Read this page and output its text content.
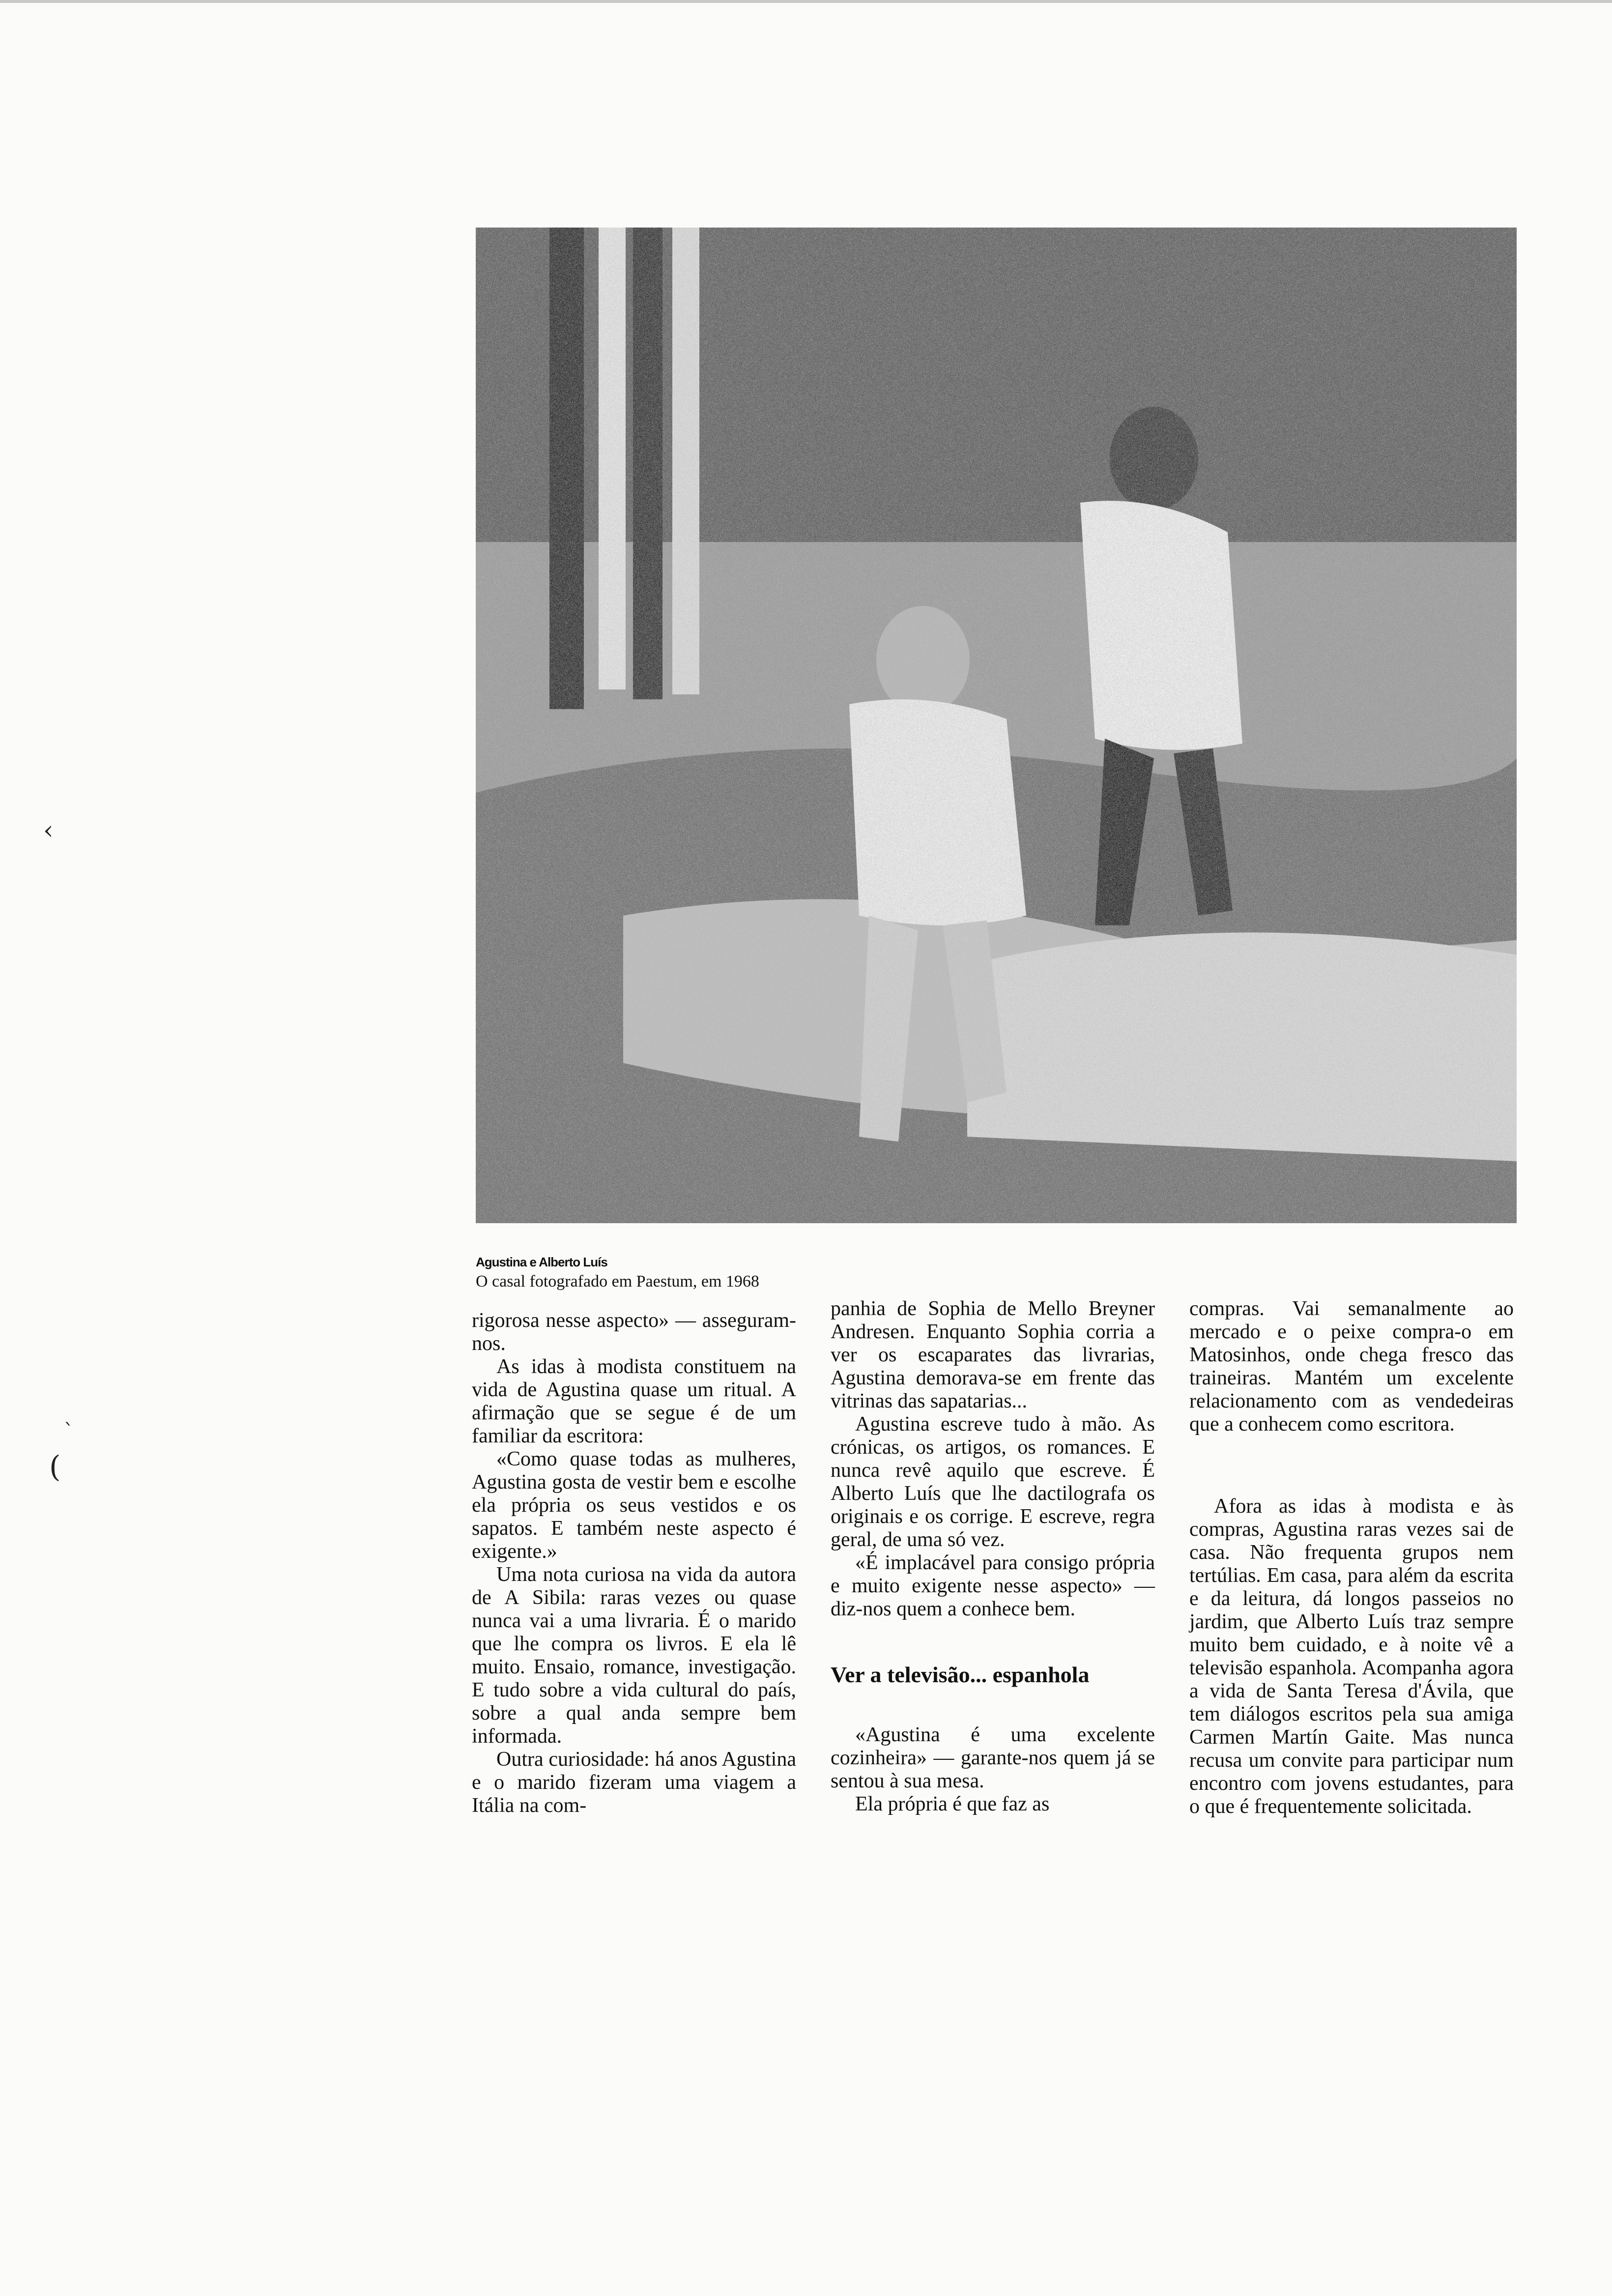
Agustina e Alberto Luís
O casal fotografado em Paestum, em 1968

rigorosa nesse aspecto» — asseguram-nos.

As idas à modista constituem na vida de Agustina quase um ritual. A afirmação que se segue é de um familiar da escritora:

«Como quase todas as mulheres, Agustina gosta de vestir bem e escolhe ela própria os seus vestidos e os sapatos. E também neste aspecto é exigente.»

Uma nota curiosa na vida da autora de A Sibila: raras vezes ou quase nunca vai a uma livraria. É o marido que lhe compra os livros. E ela lê muito. Ensaio, romance, investigação. E tudo sobre a vida cultural do país, sobre a qual anda sempre bem informada.

Outra curiosidade: há anos Agustina e o marido fizeram uma viagem a Itália na com-

panhia de Sophia de Mello Breyner Andresen. Enquanto Sophia corria a ver os escaparates das livrarias, Agustina demorava-se em frente das vitrinas das sapatarias...

Agustina escreve tudo à mão. As crónicas, os artigos, os romances. E nunca revê aquilo que escreve. É Alberto Luís que lhe dactilografa os originais e os corrige. E escreve, regra geral, de uma só vez.

«É implacável para consigo própria e muito exigente nesse aspecto» — diz-nos quem a conhece bem.

Ver a televisão... espanhola

«Agustina é uma excelente cozinheira» — garante-nos quem já se sentou à sua mesa.

Ela própria é que faz as

compras. Vai semanalmente ao mercado e o peixe compra-o em Matosinhos, onde chega fresco das traineiras. Mantém um excelente relacionamento com as vendedeiras que a conhecem como escritora.

Afora as idas à modista e às compras, Agustina raras vezes sai de casa. Não frequenta grupos nem tertúlias. Em casa, para além da escrita e da leitura, dá longos passeios no jardim, que Alberto Luís traz sempre muito bem cuidado, e à noite vê a televisão espanhola. Acompanha agora a vida de Santa Teresa d'Ávila, que tem diálogos escritos pela sua amiga Carmen Martín Gaite. Mas nunca recusa um convite para participar num encontro com jovens estudantes, para o que é frequentemente solicitada.

‹
`
(
